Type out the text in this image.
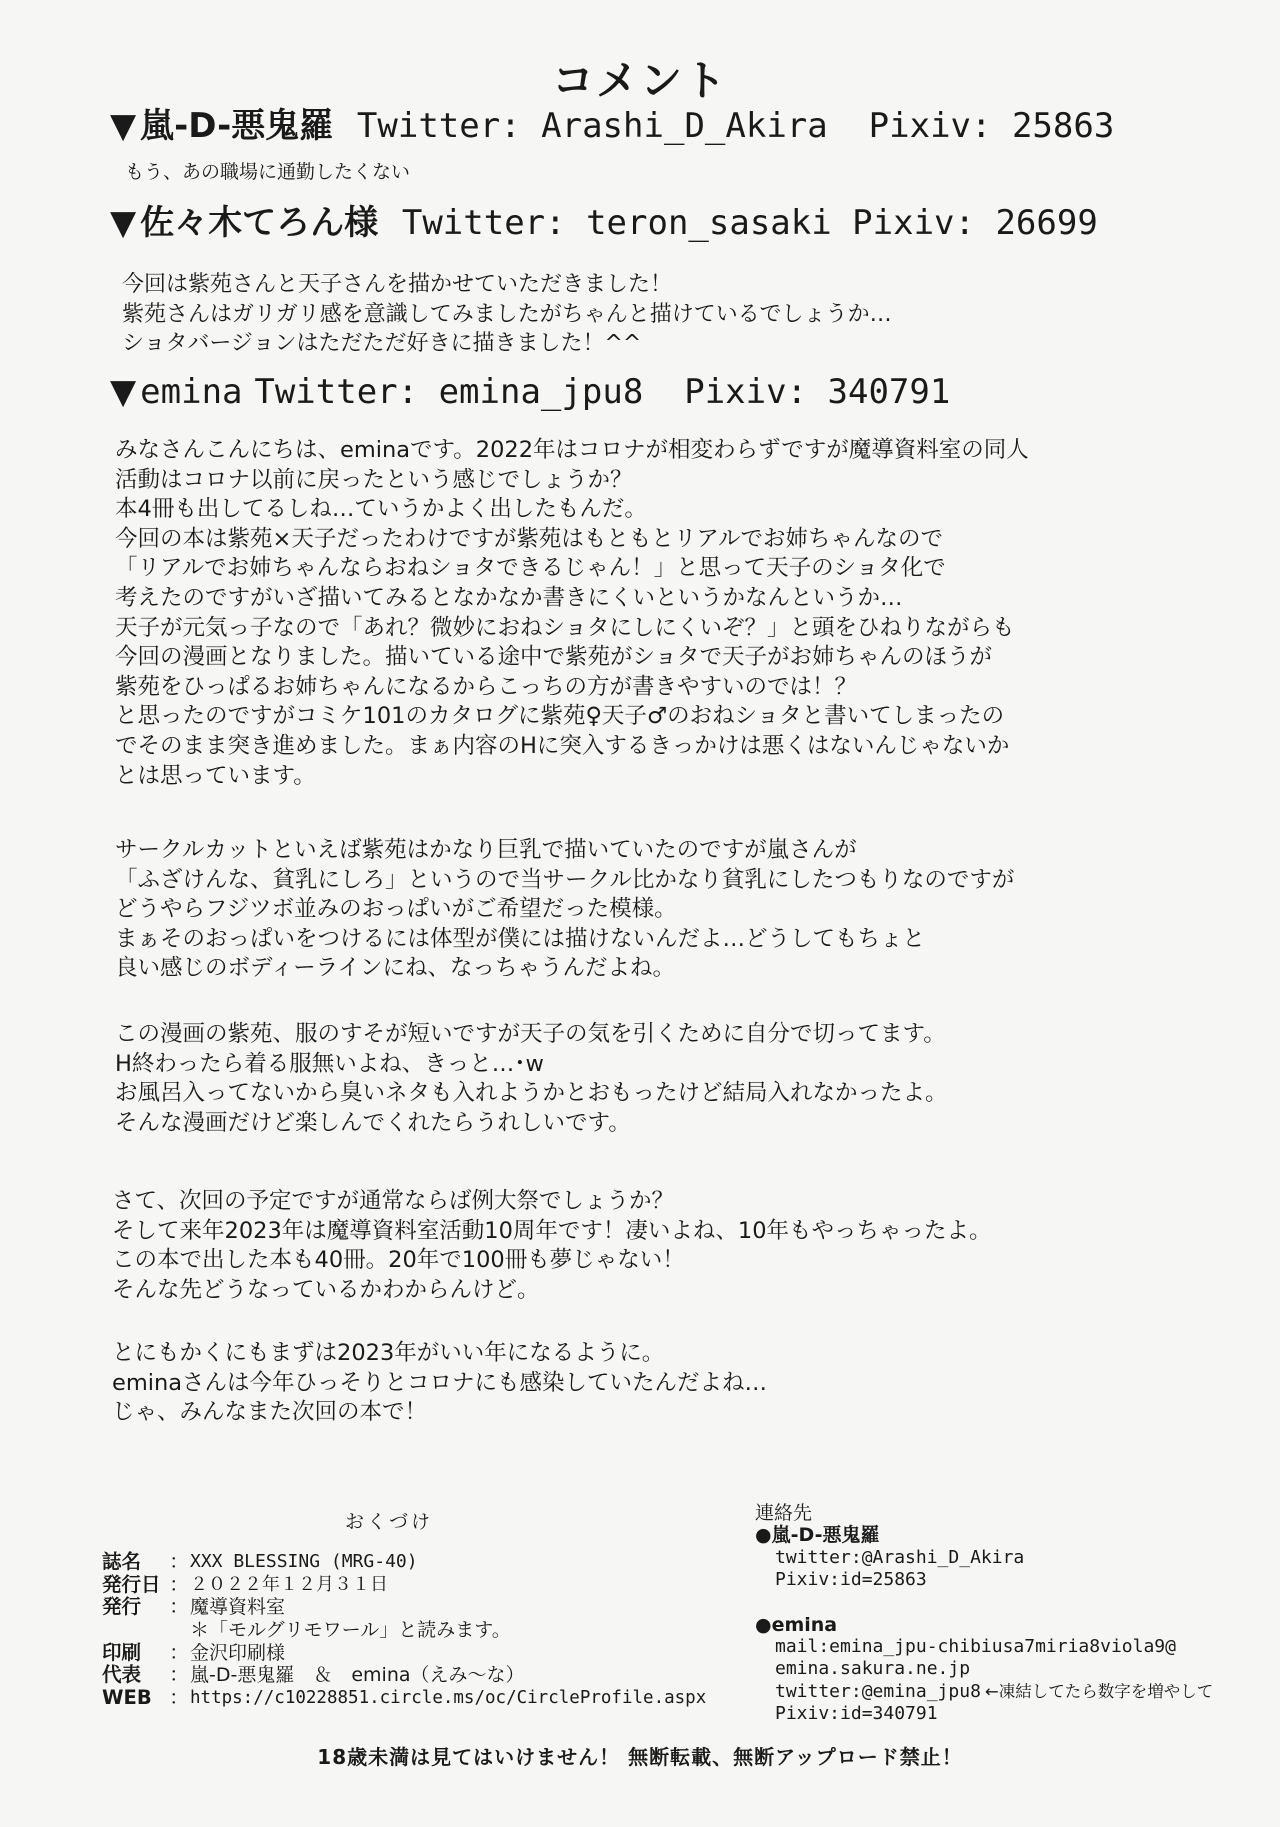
コメント
▼ 嵐-D-悪鬼羅 Twitter: Arashi_D_Akira  Pixiv: 25863
もう、あの職場に通勤したくない
▼ 佐々木てろん様 Twitter: teron_sasaki Pixiv: 26699
今回は紫苑さんと天子さんを描かせていただきました！
紫苑さんはガリガリ感を意識してみましたがちゃんと描けているでしょうか…
ショタバージョンはただただ好きに描きました！^^
▼ emina Twitter: emina_jpu8  Pixiv: 340791
みなさんこんにちは、eminaです。2022年はコロナが相変わらずですが魔導資料室の同人
活動はコロナ以前に戻ったという感じでしょうか？
本4冊も出してるしね…ていうかよく出したもんだ。
今回の本は紫苑×天子だったわけですが紫苑はもともとリアルでお姉ちゃんなので
「リアルでお姉ちゃんならおねショタできるじゃん！」と思って天子のショタ化で
考えたのですがいざ描いてみるとなかなか書きにくいというかなんというか…
天子が元気っ子なので「あれ？微妙におねショタにしにくいぞ？」と頭をひねりながらも
今回の漫画となりました。描いている途中で紫苑がショタで天子がお姉ちゃんのほうが
紫苑をひっぱるお姉ちゃんになるからこっちの方が書きやすいのでは！？
と思ったのですがコミケ101のカタログに紫苑♀天子♂のおねショタと書いてしまったの
でそのまま突き進めました。まぁ内容のHに突入するきっかけは悪くはないんじゃないか
とは思っています。
サークルカットといえば紫苑はかなり巨乳で描いていたのですが嵐さんが
「ふざけんな、貧乳にしろ」というので当サークル比かなり貧乳にしたつもりなのですが
どうやらフジツボ並みのおっぱいがご希望だった模様。
まぁそのおっぱいをつけるには体型が僕には描けないんだよ…どうしてもちょと
良い感じのボディーラインにね、なっちゃうんだよね。
この漫画の紫苑、服のすそが短いですが天子の気を引くために自分で切ってます。
H終わったら着る服無いよね、きっと…･w
お風呂入ってないから臭いネタも入れようかとおもったけど結局入れなかったよ。
そんな漫画だけど楽しんでくれたらうれしいです。
さて、次回の予定ですが通常ならば例大祭でしょうか？
そして来年2023年は魔導資料室活動10周年です！凄いよね、10年もやっちゃったよ。
この本で出した本も40冊。20年で100冊も夢じゃない！
そんな先どうなっているかわからんけど。
とにもかくにもまずは2023年がいい年になるように。
eminaさんは今年ひっそりとコロナにも感染していたんだよね…
じゃ、みんなまた次回の本で！
おくづけ
誌名	： XXX BLESSING (MRG-40)
発行日 ： ２０２２年１２月３１日
発行	： 魔導資料室
＊「モルグリモワール」と読みます。
印刷	： 金沢印刷様
代表	： 嵐-D-悪鬼羅　＆　emina（えみ～な）
WEB ： https://c10228851.circle.ms/oc/CircleProfile.aspx
連絡先
●嵐-D-悪鬼羅
twitter:@Arashi_D_Akira
Pixiv:id=25863
●emina
mail:emina_jpu-chibiusa7miria8viola9@
emina.sakura.ne.jp
twitter:@emina_jpu8 ←凍結してたら数字を増やして
Pixiv:id=340791
18歳未満は見てはいけません！ 無断転載、無断アップロード禁止！
